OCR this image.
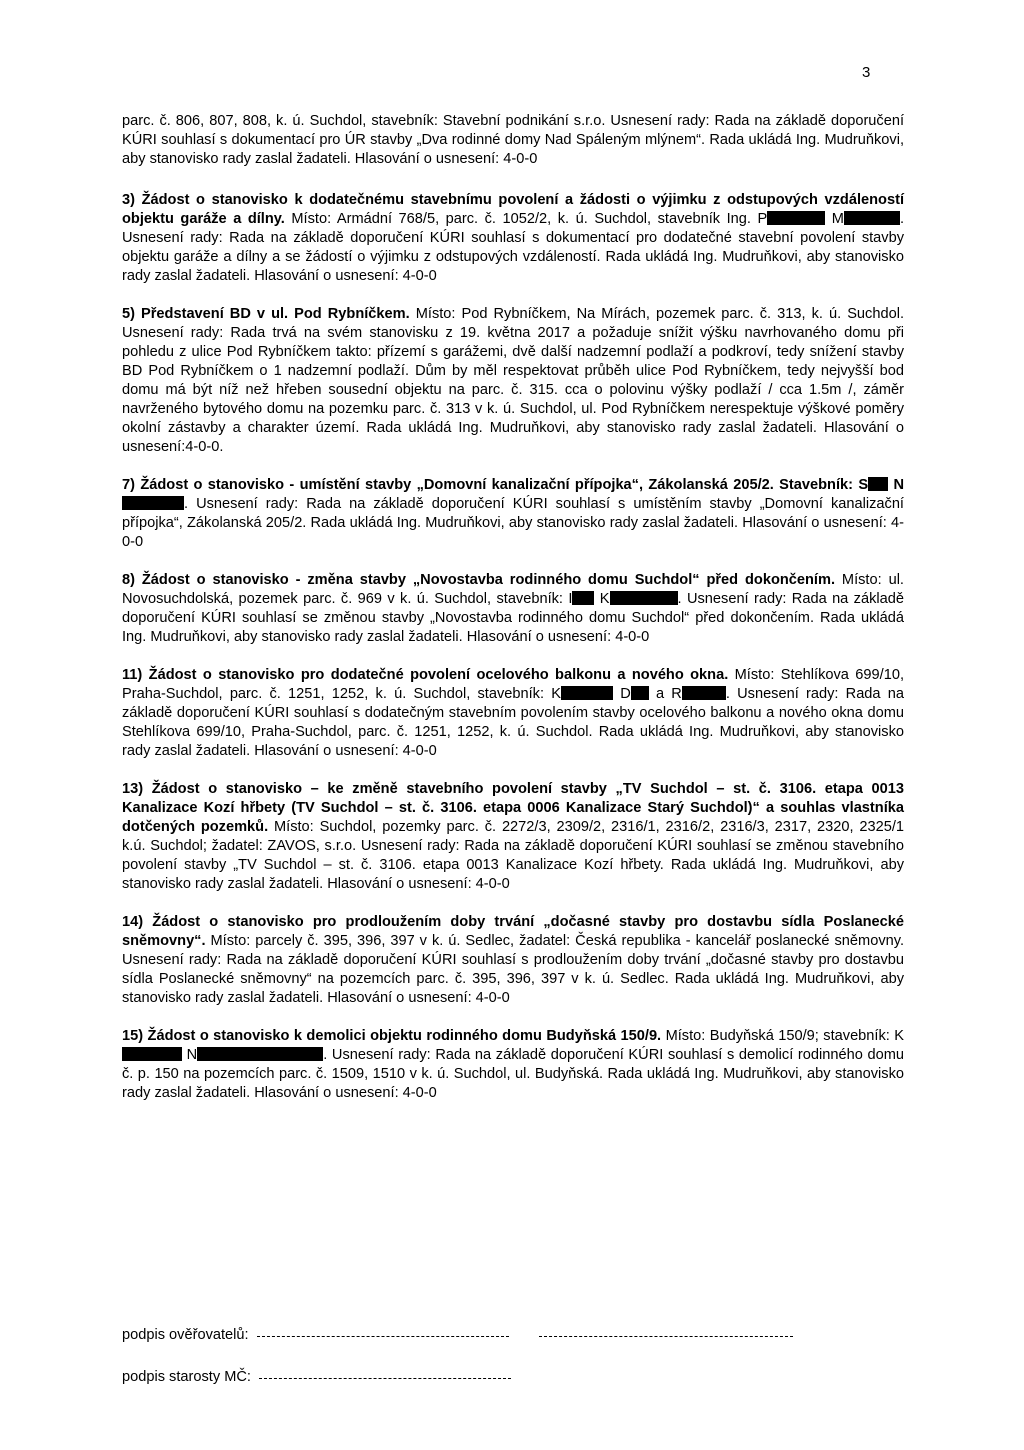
3

parc. č. 806, 807, 808, k. ú. Suchdol, stavebník: Stavební podnikání s.r.o. Usnesení rady: Rada na základě doporučení KÚRI souhlasí s dokumentací pro ÚR stavby „Dva rodinné domy Nad Spáleným mlýnem“. Rada ukládá Ing. Mudruňkovi, aby stanovisko rady zaslal žadateli. Hlasování o usnesení: 4-0-0

3) Žádost o stanovisko k dodatečnému stavebnímu povolení a žádosti o výjimku z odstupových vzdáleností objektu garáže a dílny. Místo: Armádní 768/5, parc. č. 1052/2, k. ú. Suchdol, stavebník Ing. P	M	. Usnesení rady: Rada na základě doporučení KÚRI souhlasí s dokumentací pro dodatečné stavební povolení stavby objektu garáže a dílny a se žádostí o výjimku z odstupových vzdáleností. Rada ukládá Ing. Mudruňkovi, aby stanovisko rady zaslal žadateli. Hlasování o usnesení: 4-0-0

5) Představení BD v ul. Pod Rybníčkem. Místo: Pod Rybníčkem, Na Mírách, pozemek parc. č. 313, k. ú. Suchdol. Usnesení rady: Rada trvá na svém stanovisku z 19. května 2017 a požaduje snížit výšku navrhovaného domu při pohledu z ulice Pod Rybníčkem takto: přízemí s garážemi, dvě další nadzemní podlaží a podkroví, tedy snížení stavby BD Pod Rybníčkem o 1 nadzemní podlaží. Dům by měl respektovat průběh ulice Pod Rybníčkem, tedy nejvyšší bod domu má být níž než hřeben sousední objektu na parc. č. 315. cca o polovinu výšky podlaží / cca 1.5m /, záměr navrženého bytového domu na pozemku parc. č. 313 v k. ú. Suchdol, ul. Pod Rybníčkem nerespektuje výškové poměry okolní zástavby a charakter území. Rada ukládá Ing. Mudruňkovi, aby stanovisko rady zaslal žadateli. Hlasování o usnesení:4-0-0.

7) Žádost o stanovisko - umístění stavby „Domovní kanalizační přípojka“, Zákolanská 205/2. Stavebník: S N. Usnesení rady: Rada na základě doporučení KÚRI souhlasí s umístěním stavby „Domovní kanalizační přípojka“, Zákolanská 205/2. Rada ukládá Ing. Mudruňkovi, aby stanovisko rady zaslal žadateli. Hlasování o usnesení: 4-0-0

8) Žádost o stanovisko - změna stavby „Novostavba rodinného domu Suchdol“ před dokončením. Místo: ul. Novosuchdolská, pozemek parc. č. 969 v k. ú. Suchdol, stavebník: I K	. Usnesení rady: Rada na základě doporučení KÚRI souhlasí se změnou stavby „Novostavba rodinného domu Suchdol“ před dokončením. Rada ukládá Ing. Mudruňkovi, aby stanovisko rady zaslal žadateli. Hlasování o usnesení: 4-0-0

11) Žádost o stanovisko pro dodatečné povolení ocelového balkonu a nového okna. Místo: Stehlíkova 699/10, Praha-Suchdol, parc. č. 1251, 1252, k. ú. Suchdol, stavebník: K	D a R	. Usnesení rady: Rada na základě doporučení KÚRI souhlasí s dodatečným stavebním povolením stavby ocelového balkonu a nového okna domu Stehlíkova 699/10, Praha-Suchdol, parc. č. 1251, 1252, k. ú. Suchdol. Rada ukládá Ing. Mudruňkovi, aby stanovisko rady zaslal žadateli. Hlasování o usnesení: 4-0-0

13) Žádost o stanovisko – ke změně stavebního povolení stavby „TV Suchdol – st. č. 3106. etapa 0013 Kanalizace Kozí hřbety (TV Suchdol – st. č. 3106. etapa 0006 Kanalizace Starý Suchdol)“ a souhlas vlastníka dotčených pozemků. Místo: Suchdol, pozemky parc. č. 2272/3, 2309/2, 2316/1, 2316/2, 2316/3, 2317, 2320, 2325/1 k.ú. Suchdol; žadatel: ZAVOS, s.r.o. Usnesení rady: Rada na základě doporučení KÚRI souhlasí se změnou stavebního povolení stavby „TV Suchdol – st. č. 3106. etapa 0013 Kanalizace Kozí hřbety. Rada ukládá Ing. Mudruňkovi, aby stanovisko rady zaslal žadateli. Hlasování o usnesení: 4-0-0

14) Žádost o stanovisko pro prodloužením doby trvání „dočasné stavby pro dostavbu sídla Poslanecké sněmovny“. Místo: parcely č. 395, 396, 397 v k. ú. Sedlec, žadatel: Česká republika - kancelář poslanecké sněmovny. Usnesení rady: Rada na základě doporučení KÚRI souhlasí s prodloužením doby trvání „dočasné stavby pro dostavbu sídla Poslanecké sněmovny“ na pozemcích parc. č. 395, 396, 397 v k. ú. Sedlec. Rada ukládá Ing. Mudruňkovi, aby stanovisko rady zaslal žadateli. Hlasování o usnesení: 4-0-0

15) Žádost o stanovisko k demolici objektu rodinného domu Budyňská 150/9. Místo: Budyňská 150/9; stavebník: K N	. Usnesení rady: Rada na základě doporučení KÚRI souhlasí s demolicí rodinného domu č. p. 150 na pozemcích parc. č. 1509, 1510 v k. ú. Suchdol, ul. Budyňská. Rada ukládá Ing. Mudruňkovi, aby stanovisko rady zaslal žadateli. Hlasování o usnesení: 4-0-0

podpis ověřovatelů:
podpis starosty MČ:
